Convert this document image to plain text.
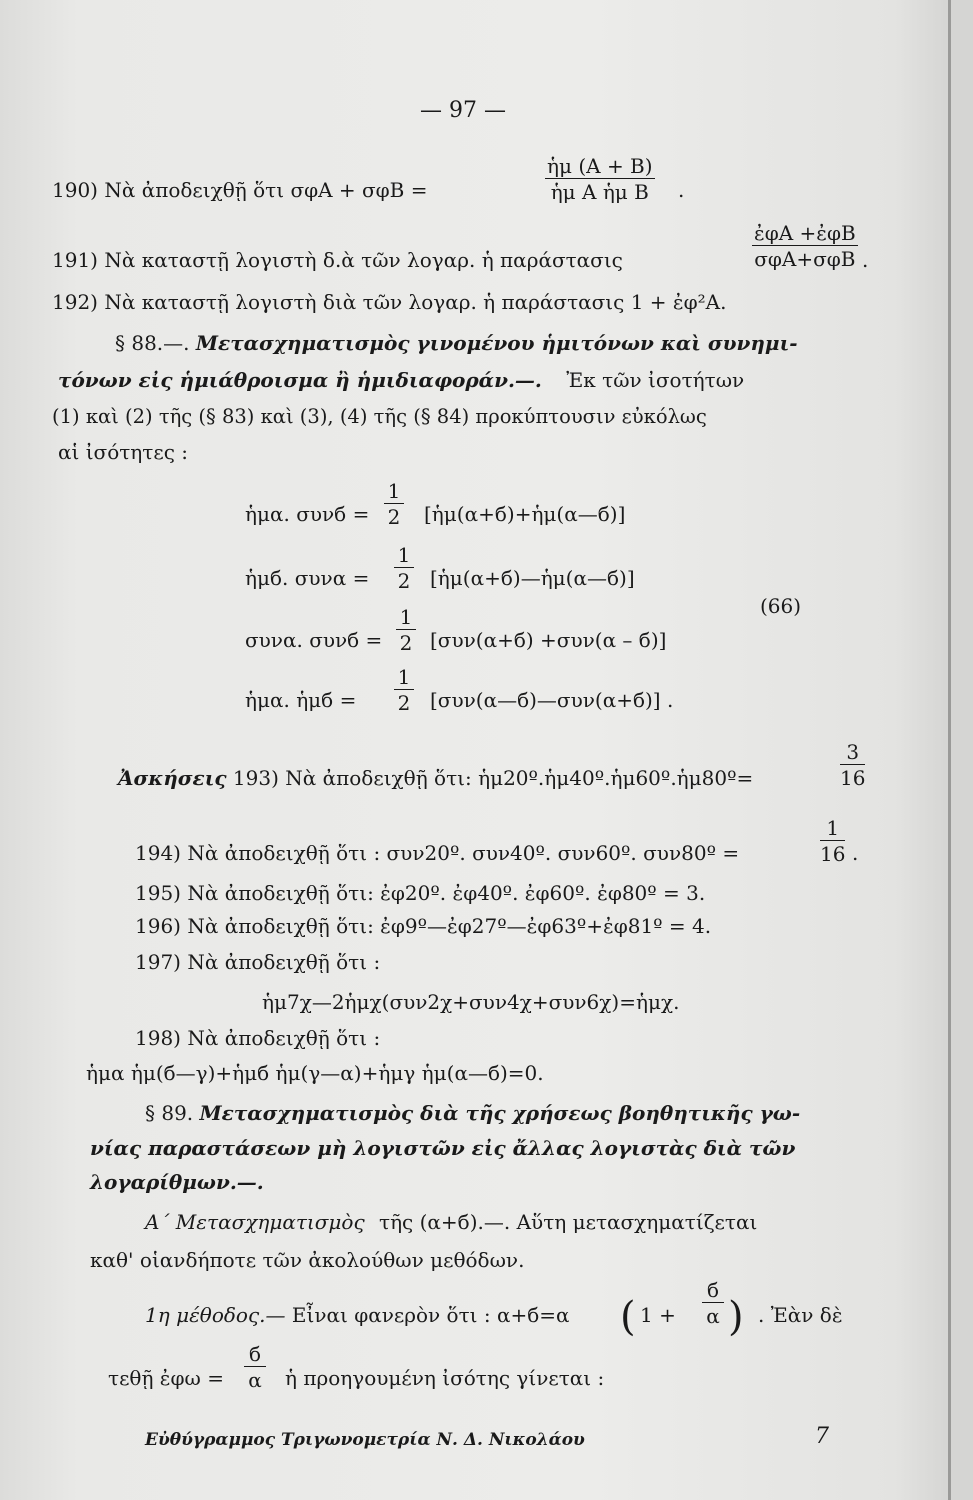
— 97 —
190) Νὰ ἀποδειχθῇ ὅτι σφA + σφB =	$\frac{\text{ἡμ (A + B)}}{\text{ἡμ A ἡμ B}}$ .
191) Νὰ καταστῇ λογιστὴ δ.ὰ τῶν λογαρ. ἡ παράστασις
ἐφA +ἐφB
σφA+σφB .
192) Νὰ καταστῇ λογιστὴ διὰ τῶν λογαρ. ἡ παράστασις 1 + ἐφ²A.
§ 88.—. Μετασχηματισμὸς γινομένου ἡμιτόνων καὶ συνημι-
τόνων εἰς ἡμιάθροισμα ἢ ἡμιδιαφοράν.—. Ἐκ τῶν ἰσοτήτων
(1) καὶ (2) τῆς (§ 83) καὶ (3), (4) τῆς (§ 84) προκύπτουσιν εὐκόλως
αἱ ἰσότητες :
ἡμα. $\sigma\upsilon\nu б = \frac{1}{2}$ [ἡμ(α+б)+ἡμ(α—б)]
ἡμб. $\sigma\upsilon\nu\alpha = \frac{1}{2}$ [ἡμ(α+б)—ἡμ(α—б)]
(66)
συνα. $\sigma\upsilon\nu б = \frac{1}{2} [\sigma\upsilon\nu(\alpha+б) +\sigma\upsilon\nu(\alpha - б)]$
ἡμα. ἡμб = $\frac{1}{2}$ [συν(α—б)—συν(α+б)] .
Ἀσκήσεις 193) Νὰ ἀποδειχθῇ ὅτι: ἡμ20º.ἡμ40º.ἡμ60º.ἡμ80º=	$\frac{3}{16}$
194) Νὰ ἀποδειχθῇ ὅτι : συν20º. συν40º. συν60º. συν80º =	$\frac{1}{16}$ .
195) Νὰ ἀποδειχθῇ ὅτι: ἐφ20º. ἐφ40º. ἐφ60º. ἐφ80º = 3.
196) Νὰ ἀποδειχθῇ ὅτι: ἐφ9º—ἐφ27º—ἐφ63º+ἐφ81º = 4.
197) Νὰ ἀποδειχθῇ ὅτι :
ἡμ7χ—2ἡμχ(συν2χ+συν4χ+συν6χ)=ἡμχ.
198) Νὰ ἀποδειχθῇ ὅτι :
ἡμα ἡμ(б—γ)+ἡμб ἡμ(γ—α)+ἡμγ ἡμ(α—б)=0.
§ 89. Μετασχηματισμὸς διὰ τῆς χρήσεως βοηθητικῆς γω-
νίας παραστάσεων μὴ λογιστῶν εἰς ἄλλας λογιστὰς διὰ τῶν
λογαρίθμων.—.
Α΄ Μετασχηματισμὸς τῆς (α+б).—. Αὕτη μετασχηματίζεται
καθ' οἱανδήποτε τῶν ἀκολούθων μεθόδων.
1η μέθοδος.— Εἶναι φανερὸν ὅτι : α+б=α ( 1 +
б
α ) . Ἐὰν δὲ
τεθῇ ἐφω =
б
α ἡ προηγουμένη ἰσότης γίνεται :
Εὐθύγραμμος Τριγωνομετρία Ν. Δ. Νικολάου	7
